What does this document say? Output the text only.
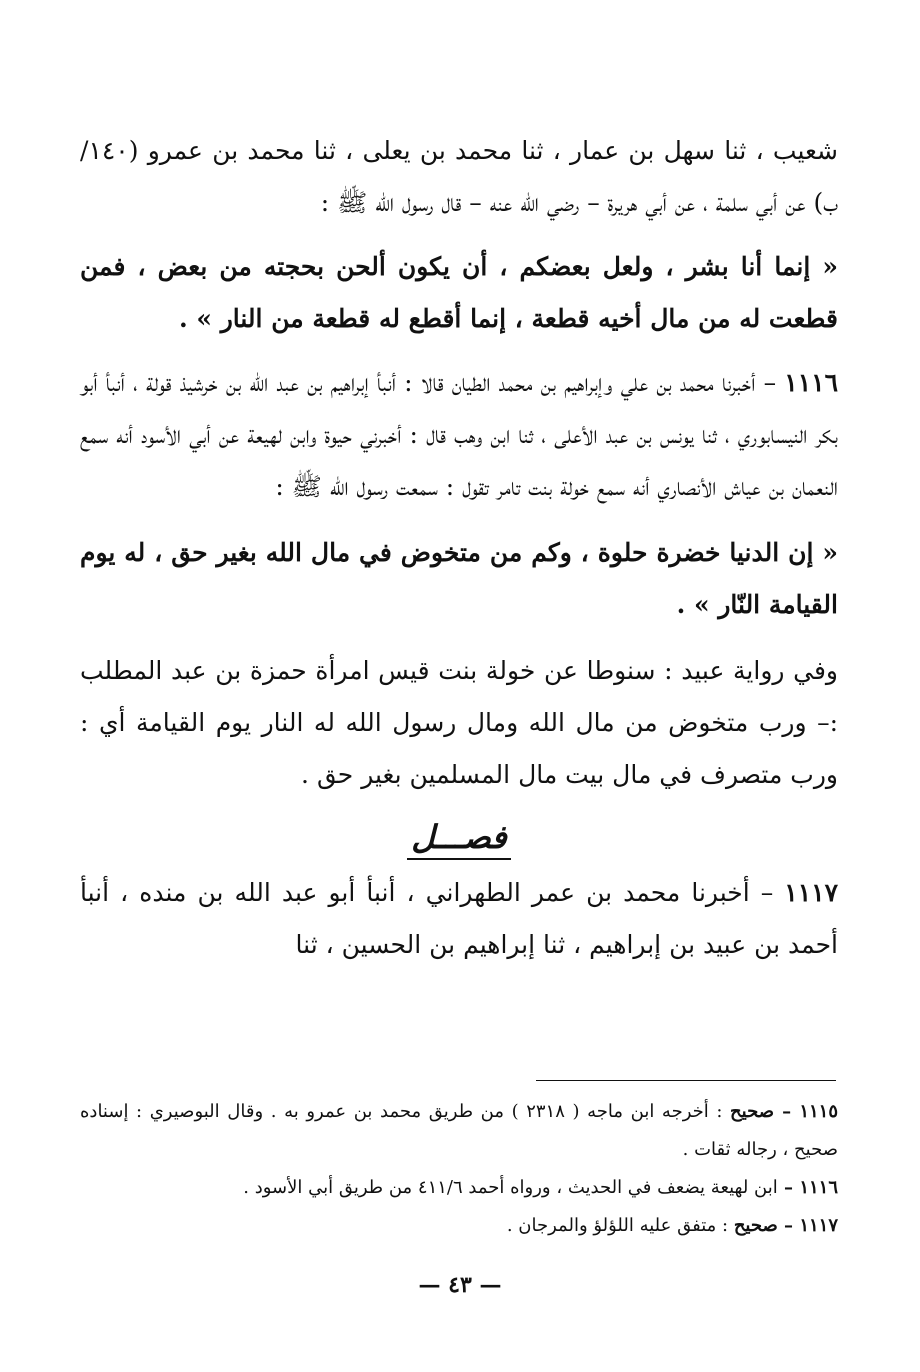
شعيب ، ثنا سهل بن عمار ، ثنا محمد بن يعلى ، ثنا محمد بن عمرو (١٤٠/ب) عن أبي سلمة ، عن أبي هريرة – رضي الله عنه – قال رسول الله ﷺ :

« إنما أنا بشر ، ولعل بعضكم ، أن يكون ألحن بحجته من بعض ، فمن قطعت له من مال أخيه قطعة ، إنما أقطع له قطعة من النار » .

١١١٦ – أخبرنا محمد بن علي وإبراهيم بن محمد الطيان قالا : أنبأ إبراهيم بن عبد الله بن خرشيذ قولة ، أنبأ أبو بكر النيسابوري ، ثنا يونس بن عبد الأعلى ، ثنا ابن وهب قال : أخبرني حيوة وابن لهيعة عن أبي الأسود أنه سمع النعمان بن عياش الأنصاري أنه سمع خولة بنت تامر تقول : سمعت رسول الله ﷺ :

« إن الدنيا خضرة حلوة ، وكم من متخوض في مال الله بغير حق ، له يوم القيامة النّار » .

وفي رواية عبيد : سنوطا عن خولة بنت قيس امرأة حمزة بن عبد المطلب :– ورب متخوض من مال الله ومال رسول الله له النار يوم القيامة أي : ورب متصرف في مال بيت مال المسلمين بغير حق .

فصـــل

١١١٧ – أخبرنا محمد بن عمر الطهراني ، أنبأ أبو عبد الله بن منده ، أنبأ أحمد بن عبيد بن إبراهيم ، ثنا إبراهيم بن الحسين ، ثنا

١١١٥ – صحيح : أخرجه ابن ماجه ( ٢٣١٨ ) من طريق محمد بن عمرو به . وقال البوصيري : إسناده صحيح ، رجاله ثقات .

١١١٦ – ابن لهيعة يضعف في الحديث ، ورواه أحمد ٤١١/٦ من طريق أبي الأسود .

١١١٧ – صحيح : متفق عليه اللؤلؤ والمرجان .

— ٤٣ —
